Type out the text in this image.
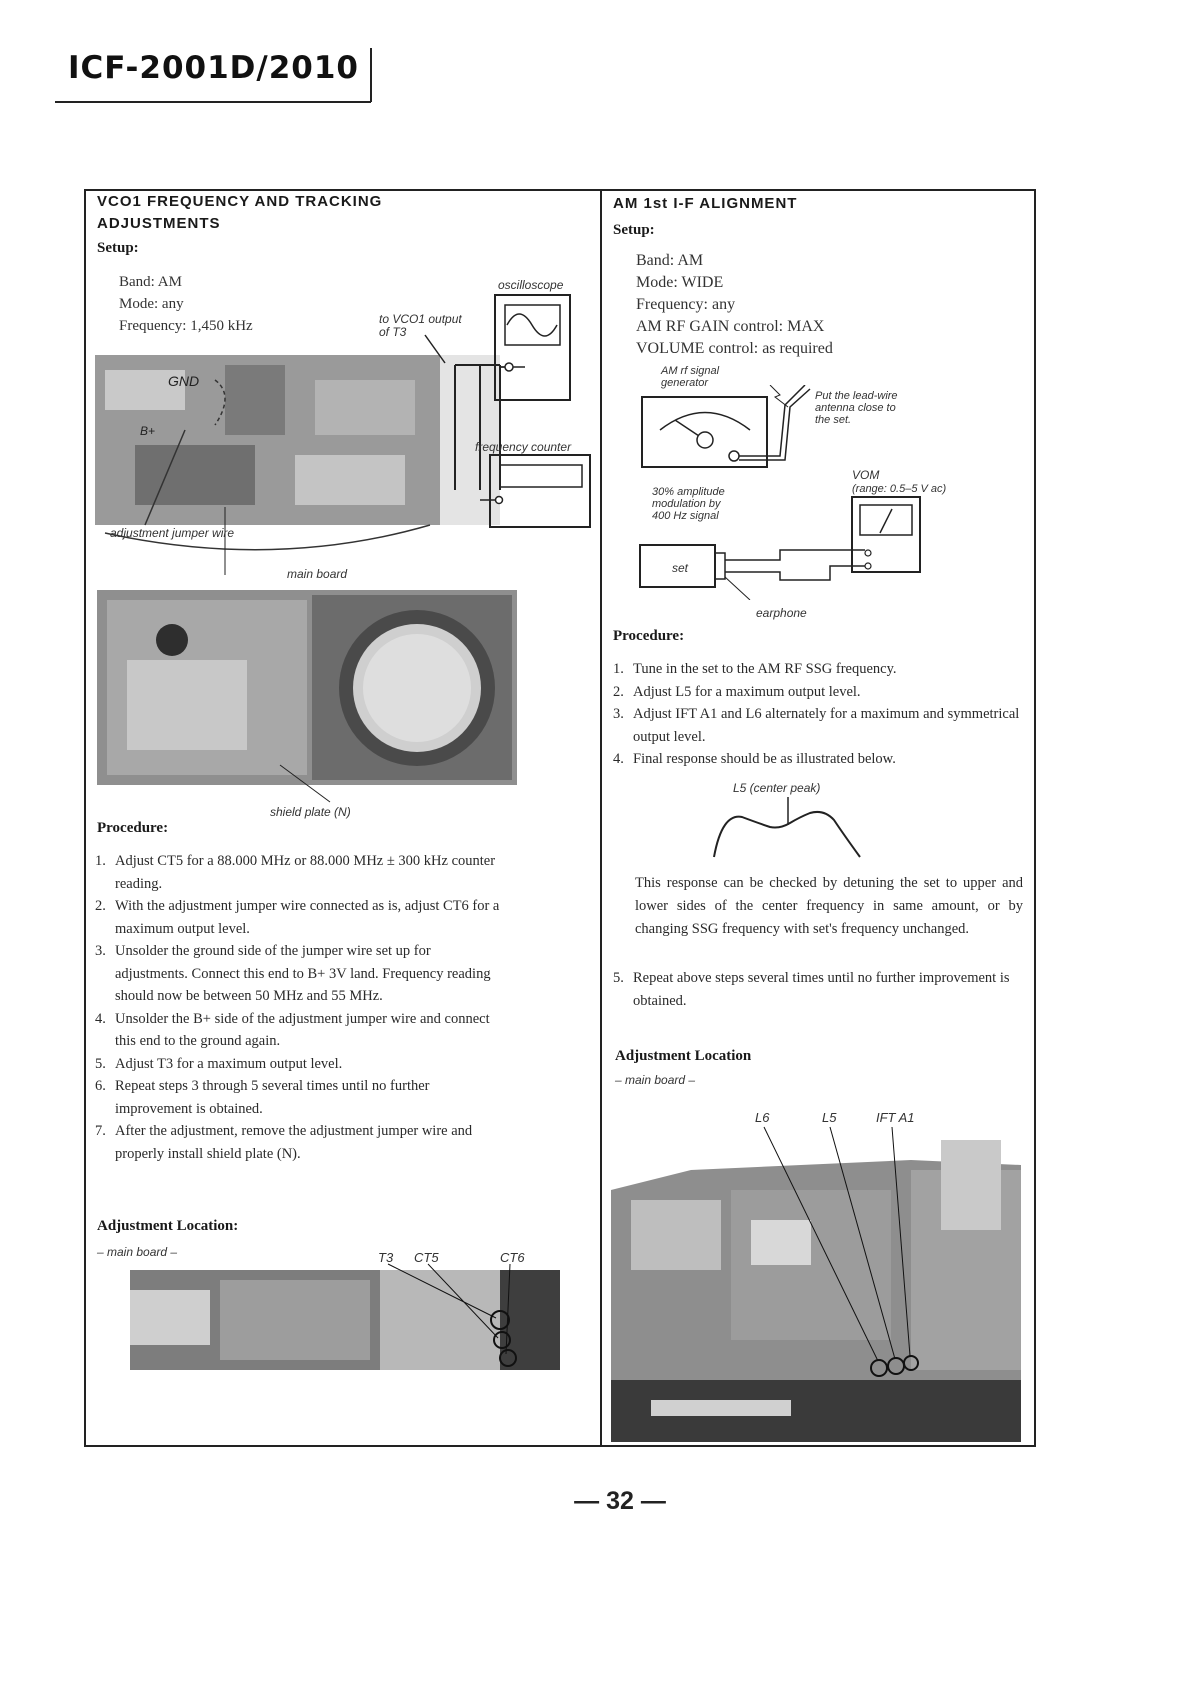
ICF-2001D/2010
VCO1 FREQUENCY AND TRACKING
ADJUSTMENTS
Setup:
Band: AM
Mode: any
Frequency: 1,450 kHz
oscilloscope
to VCO1 output
of T3
frequency counter
GND
B+
adjustment jumper wire
main board
shield plate (N)
Procedure:
1. Adjust CT5 for a 88.000 MHz or 88.000 MHz ± 300 kHz counter reading.
2. With the adjustment jumper wire connected as is, adjust CT6 for a maximum output level.
3. Unsolder the ground side of the jumper wire set up for adjustments. Connect this end to B+ 3V land. Frequency reading should now be between 50 MHz and 55 MHz.
4. Unsolder the B+ side of the adjustment jumper wire and connect this end to the ground again.
5. Adjust T3 for a maximum output level.
6. Repeat steps 3 through 5 several times until no further improvement is obtained.
7. After the adjustment, remove the adjustment jumper wire and properly install shield plate (N).
Adjustment Location:
– main board –	T3 CT5	CT6
AM 1st I-F ALIGNMENT
Setup:
Band: AM
Mode: WIDE
Frequency: any
AM RF GAIN control: MAX
VOLUME control: as required
AM rf signal
generator
Put the lead-wire
antenna close to
the set.
VOM
(range: 0.5–5 V ac)
30% amplitude
modulation by
400 Hz signal
set
earphone
Procedure:
1. Tune in the set to the AM RF SSG frequency.
2. Adjust L5 for a maximum output level.
3. Adjust IFT A1 and L6 alternately for a maximum and symmetrical output level.
4. Final response should be as illustrated below.
L5 (center peak)
This response can be checked by detuning the set to upper and lower sides of the center frequency in same amount, or by changing SSG frequency with set's frequency unchanged.
5. Repeat above steps several times until no further improvement is obtained.
Adjustment Location
– main board –
L6	L5	IFT A1
— 32 —
